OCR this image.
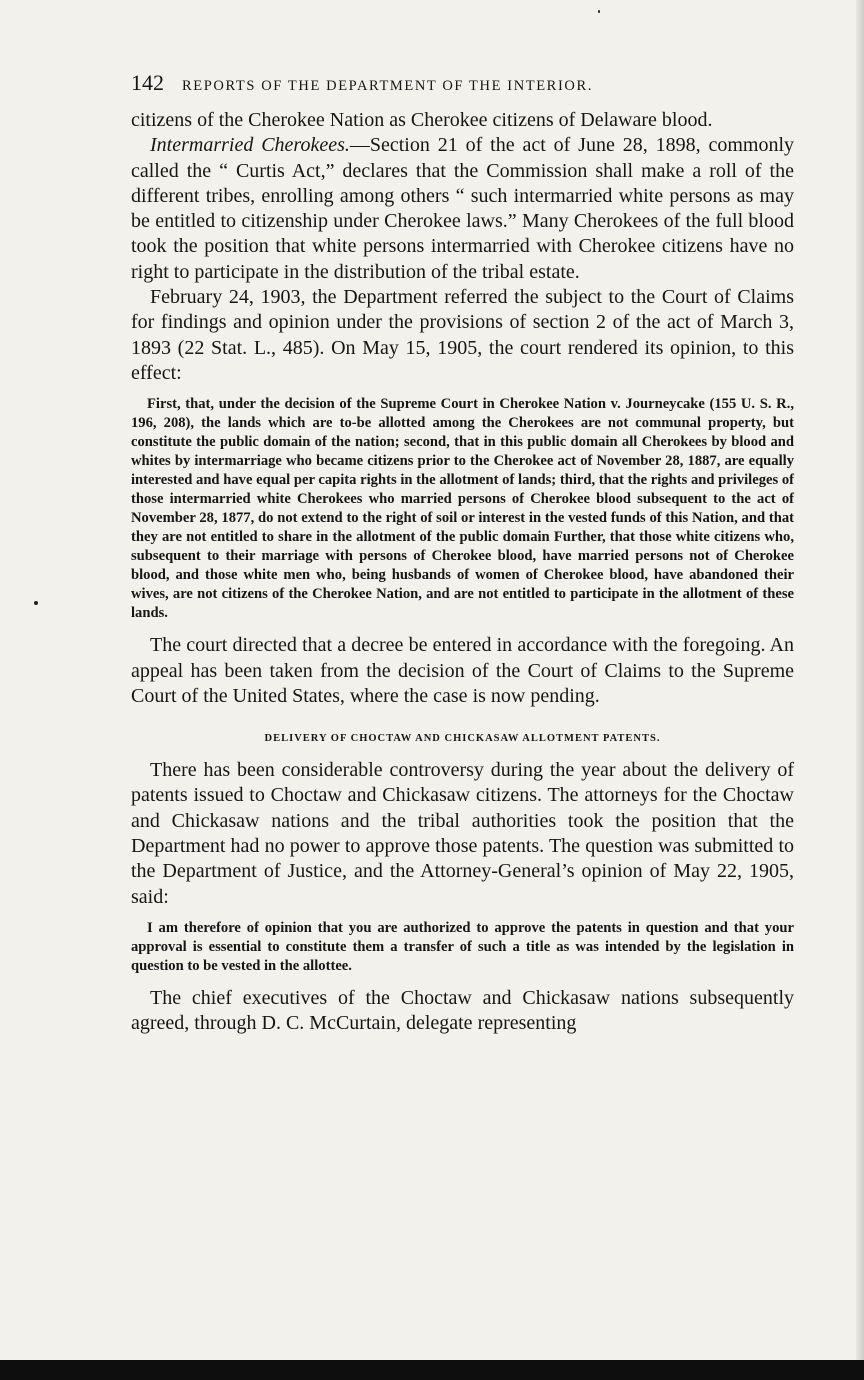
142 REPORTS OF THE DEPARTMENT OF THE INTERIOR.

citizens of the Cherokee Nation as Cherokee citizens of Delaware blood.

Intermarried Cherokees.—Section 21 of the act of June 28, 1898, commonly called the “ Curtis Act,” declares that the Commission shall make a roll of the different tribes, enrolling among others “ such intermarried white persons as may be entitled to citizenship under Cherokee laws.” Many Cherokees of the full blood took the position that white persons intermarried with Cherokee citizens have no right to participate in the distribution of the tribal estate.

February 24, 1903, the Department referred the subject to the Court of Claims for findings and opinion under the provisions of section 2 of the act of March 3, 1893 (22 Stat. L., 485). On May 15, 1905, the court rendered its opinion, to this effect:

First, that, under the decision of the Supreme Court in Cherokee Nation v. Journeycake (155 U. S. R., 196, 208), the lands which are to-be allotted among the Cherokees are not communal property, but constitute the public domain of the nation; second, that in this public domain all Cherokees by blood and whites by intermarriage who became citizens prior to the Cherokee act of November 28, 1887, are equally interested and have equal per capita rights in the allotment of lands; third, that the rights and privileges of those intermarried white Cherokees who married persons of Cherokee blood subsequent to the act of November 28, 1877, do not extend to the right of soil or interest in the vested funds of this Nation, and that they are not entitled to share in the allotment of the public domain Further, that those white citizens who, subsequent to their marriage with persons of Cherokee blood, have married persons not of Cherokee blood, and those white men who, being husbands of women of Cherokee blood, have abandoned their wives, are not citizens of the Cherokee Nation, and are not entitled to participate in the allotment of these lands.

The court directed that a decree be entered in accordance with the foregoing. An appeal has been taken from the decision of the Court of Claims to the Supreme Court of the United States, where the case is now pending.

DELIVERY OF CHOCTAW AND CHICKASAW ALLOTMENT PATENTS.

There has been considerable controversy during the year about the delivery of patents issued to Choctaw and Chickasaw citizens. The attorneys for the Choctaw and Chickasaw nations and the tribal authorities took the position that the Department had no power to approve those patents. The question was submitted to the Department of Justice, and the Attorney-General’s opinion of May 22, 1905, said:

I am therefore of opinion that you are authorized to approve the patents in question and that your approval is essential to constitute them a transfer of such a title as was intended by the legislation in question to be vested in the allottee.

The chief executives of the Choctaw and Chickasaw nations subsequently agreed, through D. C. McCurtain, delegate representing
